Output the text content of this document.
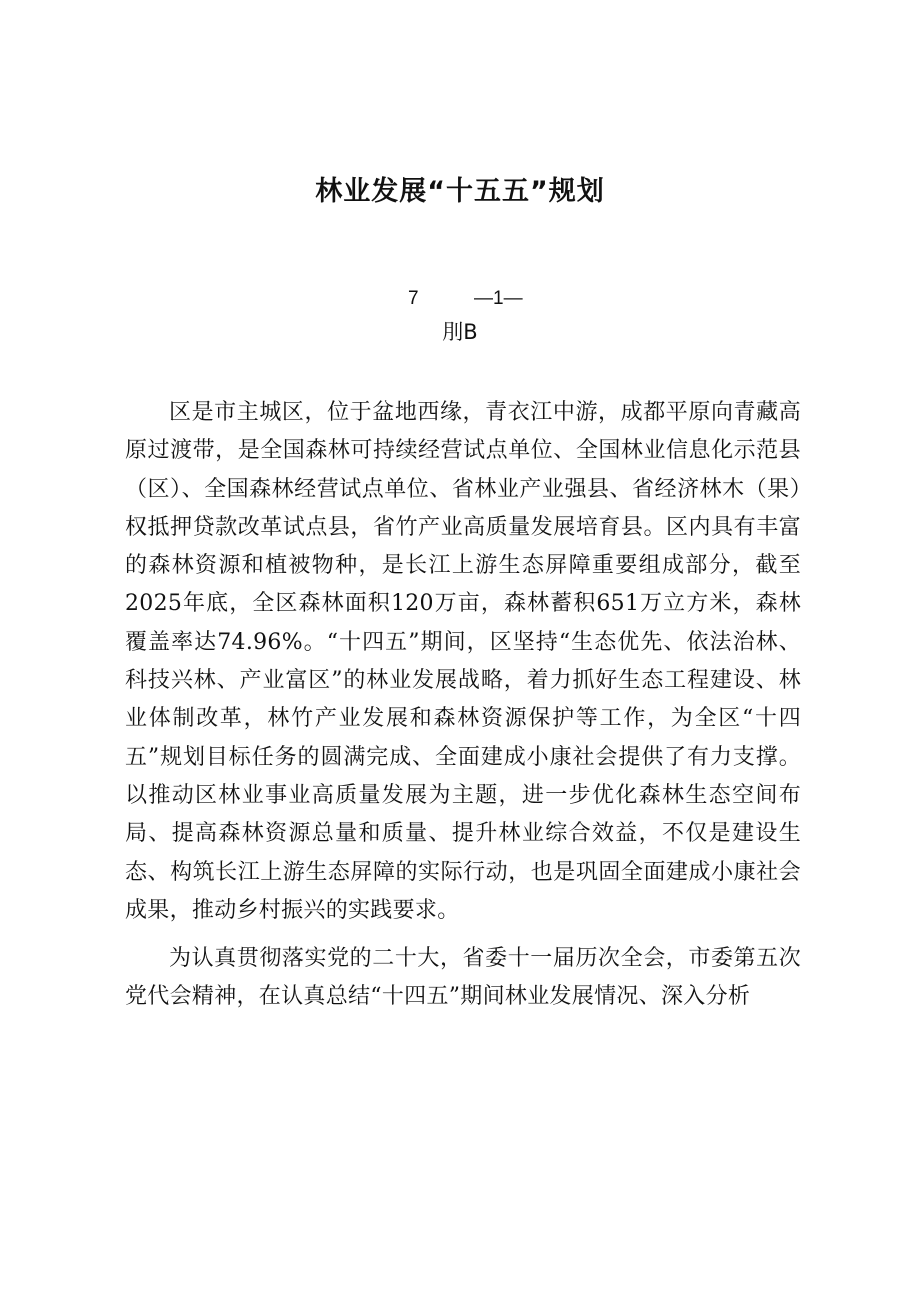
林业发展“十五五”规划
7	—1—
刖B

区是市主城区，位于盆地西缘，青衣江中游，成都平原向青藏高原过渡带，是全国森林可持续经营试点单位、全国林业信息化示范县（区）、全国森林经营试点单位、省林业产业强县、省经济林木（果）权抵押贷款改革试点县，省竹产业高质量发展培育县。区内具有丰富的森林资源和植被物种，是长江上游生态屏障重要组成部分，截至2025年底，全区森林面积120万亩，森林蓄积651万立方米，森林覆盖率达74.96%。“十四五”期间，区坚持“生态优先、依法治林、科技兴林、产业富区”的林业发展战略，着力抓好生态工程建设、林业体制改革，林竹产业发展和森林资源保护等工作，为全区“十四五”规划目标任务的圆满完成、全面建成小康社会提供了有力支撑。以推动区林业事业高质量发展为主题，进一步优化森林生态空间布局、提高森林资源总量和质量、提升林业综合效益，不仅是建设生态、构筑长江上游生态屏障的实际行动，也是巩固全面建成小康社会成果，推动乡村振兴的实践要求。

为认真贯彻落实党的二十大，省委十一届历次全会，市委第五次党代会精神，在认真总结“十四五”期间林业发展情况、深入分析
